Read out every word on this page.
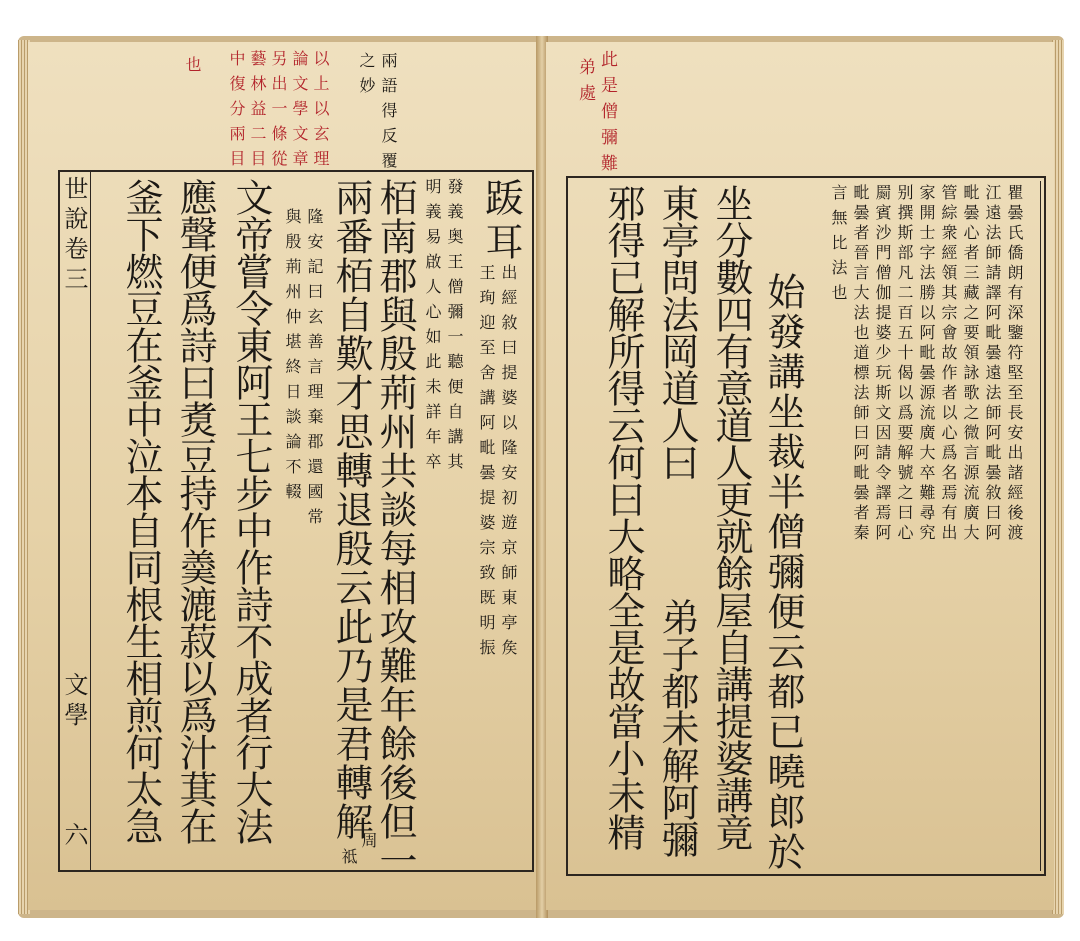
以上以玄理
論文學文章
另出一條從
藝林益二目
中復分兩目
也	兩語得反覆
之妙
世說卷三
文學
六
䟦耳
出經敘曰提婆以隆安初遊京師東亭矦
王珣迎至舍講阿毗曇提婆宗致既明振
發義奥王僧彌一聽便自講其
明義易啟人心如此未詳年卒
栢南郡與殷荊州共談每相攻難年餘後但一
兩番栢自歎才思轉退殷云此乃是君轉解
周
祗
隆安記曰玄善言理棄郡還國常
與殷荊州仲堪終日談論不輟
文帝嘗令東阿王七步中作詩不成者行大法
應聲便爲詩曰煑豆持作羮漉菽以爲汁萁在
釜下燃豆在釜中泣本自同根生相煎何太急
此是僧彌難
弟處
瞿曇氏僑朗有深鑒符堅至長安出諸經後渡
江遠法師請譯阿毗曇遠法師阿毗曇敘曰阿
毗曇心者三藏之要領詠歌之微言源流廣大
管綜衆經領其宗會故作者以心爲名焉有出
家開士字法勝以阿毗曇源流廣大卒難尋究
别撰斯部凡二百五十偈以爲要解號之曰心
罽賓沙門僧伽提婆少玩斯文因請令譯焉阿
毗曇者晉言大法也道標法師曰阿毗曇者秦
言無比法也
始發講坐裁半僧彌便云都已曉郎於
坐分數四有意道人更就餘屋自講提婆講竟
東亭問法岡道人曰
弟子都未解阿彌
邪得已解所得云何曰大略全是故當小未精
